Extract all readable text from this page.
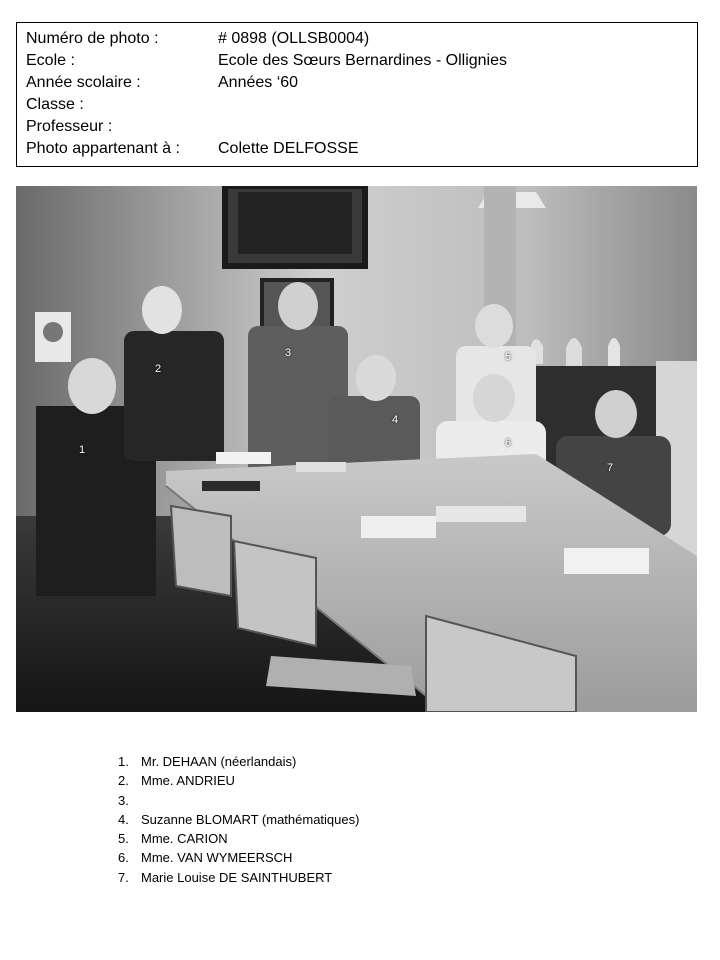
Numéro de photo :	# 0898 (OLLSB0004)
Ecole :	Ecole des Sœurs Bernardines - Ollignies
Année scolaire :	Années ‘60
Classe :
Professeur :
Photo appartenant à : Colette DELFOSSE
1
2
3
4
5
6
7
1. Mr. DEHAAN (néerlandais)
2. Mme. ANDRIEU
3.
4. Suzanne BLOMART (mathématiques)
5. Mme. CARION
6. Mme. VAN WYMEERSCH
7. Marie Louise DE SAINTHUBERT
